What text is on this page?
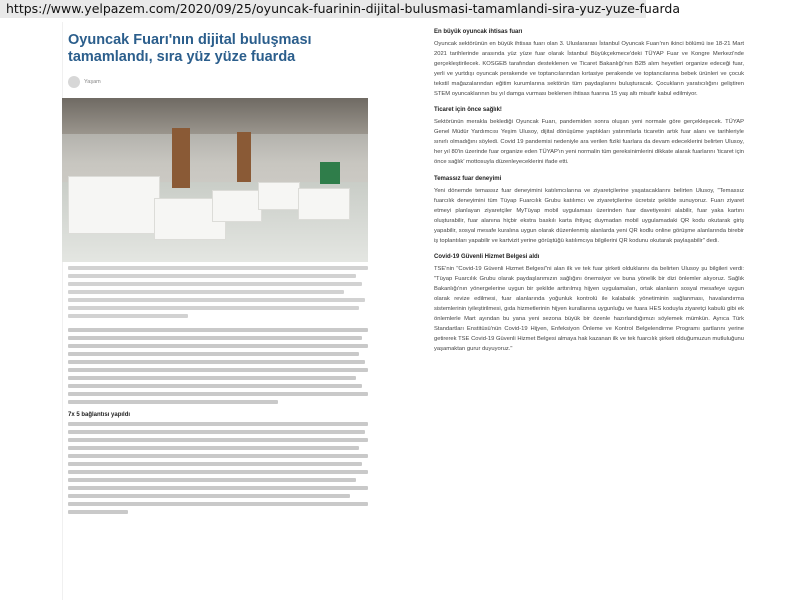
https://www.yelpazem.com/2020/09/25/oyuncak-fuarinin-dijital-bulusmasi-tamamlandi-sira-yuz-yuze-fuarda
Oyuncak Fuarı'nın dijital buluşması tamamlandı, sıra yüz yüze fuarda
Yaşam
7x 5 bağlantısı yapıldı

En büyük oyuncak ihtisas fuarı

Oyuncak sektörünün en büyük ihtisas fuarı olan 3. Uluslararası İstanbul Oyuncak Fuarı'nın ikinci bölümü ise 18-21 Mart 2021 tarihlerinde arasında yüz yüze fuar olarak İstanbul Büyükçekmece'deki TÜYAP Fuar ve Kongre Merkezi'nde gerçekleştirilecek. KOSGEB tarafından desteklenen ve Ticaret Bakanlığı'nın B2B alım heyetleri organize edeceği fuar, yerli ve yurtdışı oyuncak perakende ve toptancılarından kırtasiye perakende ve toptancılarına bebek ürünleri ve çocuk tekstil mağazalarından eğitim kurumlarına sektörün tüm paydaşlarını buluşturacak. Çocukların yaratıcılığını geliştiren STEM oyuncaklarının bu yıl damga vurması beklenen ihtisas fuarına 15 yaş altı misafir kabul edilmiyor.

Ticaret için önce sağlık!

Sektörünün merakla beklediği Oyuncak Fuarı, pandemiden sonra oluşan yeni normale göre gerçekleşecek. TÜYAP Genel Müdür Yardımcısı Yeşim Ulusoy, dijital dönüşüme yaptıkları yatırımlarla ticaretin artık fuar alanı ve tarihleriyle sınırlı olmadığını söyledi. Covid 19 pandemisi nedeniyle ara verilen fiziki fuarlara da devam edeceklerini belirten Ulusoy, her yıl 80'in üzerinde fuar organize eden TÜYAP'ın yeni normalin tüm gereksinimlerini dikkate alarak fuarlarını 'ticaret için önce sağlık' mottosuyla düzenleyeceklerini ifade etti.

Temassız fuar deneyimi

Yeni dönemde temassız fuar deneyimini katılımcılarına ve ziyaretçilerine yaşatacaklarını belirten Ulusoy, "Temassız fuarcılık deneyimini tüm Tüyap Fuarcılık Grubu katılımcı ve ziyaretçilerine ücretsiz şekilde sunuyoruz. Fuarı ziyaret etmeyi planlayan ziyaretçiler MyTüyap mobil uygulaması üzerinden fuar davetiyesini alabilir, fuar yaka kartını oluşturabilir, fuar alanına hiçbir ekstra baskılı karta ihtiyaç duymadan mobil uygulamadaki QR kodu okutarak giriş yapabilir, sosyal mesafe kuralına uygun olarak düzenlenmiş alanlarda yeni QR kodlu online görüşme alanlarında birebir iş toplantıları yapabilir ve kartvizit yerine görüştüğü katılımcıya bilgilerini QR kodunu okutarak paylaşabilir" dedi.

Covid-19 Güvenli Hizmet Belgesi aldı

TSE'nin "Covid-19 Güvenli Hizmet Belgesi"ni alan ilk ve tek fuar şirketi olduklarını da belirten Ulusoy şu bilgileri verdi: "Tüyap Fuarcılık Grubu olarak paydaşlarımızın sağlığını önemsiyor ve buna yönelik bir dizi önlemler alıyoruz. Sağlık Bakanlığı'nın yönergelerine uygun bir şekilde arttırılmış hijyen uygulamaları, ortak alanların sosyal mesafeye uygun olarak revize edilmesi, fuar alanlarında yoğunluk kontrolü ile kalabalık yönetiminin sağlanması, havalandırma sistemlerinin iyileştirilmesi, gıda hizmetlerinin hijyen kurallarına uygunluğu ve fuara HES koduyla ziyaretçi kabulü gibi ek önlemlerle Mart ayından bu yana yeni sezona büyük bir özenle hazırlandığımızı söylemek mümkün. Ayrıca Türk Standartları Enstitüsü'nün Covid-19 Hijyen, Enfeksiyon Önleme ve Kontrol Belgelendirme Programı şartlarını yerine getirerek TSE Covid-19 Güvenli Hizmet Belgesi almaya hak kazanan ilk ve tek fuarcılık şirketi olduğumuzun mutluluğunu yaşamaktan gurur duyuyoruz."
